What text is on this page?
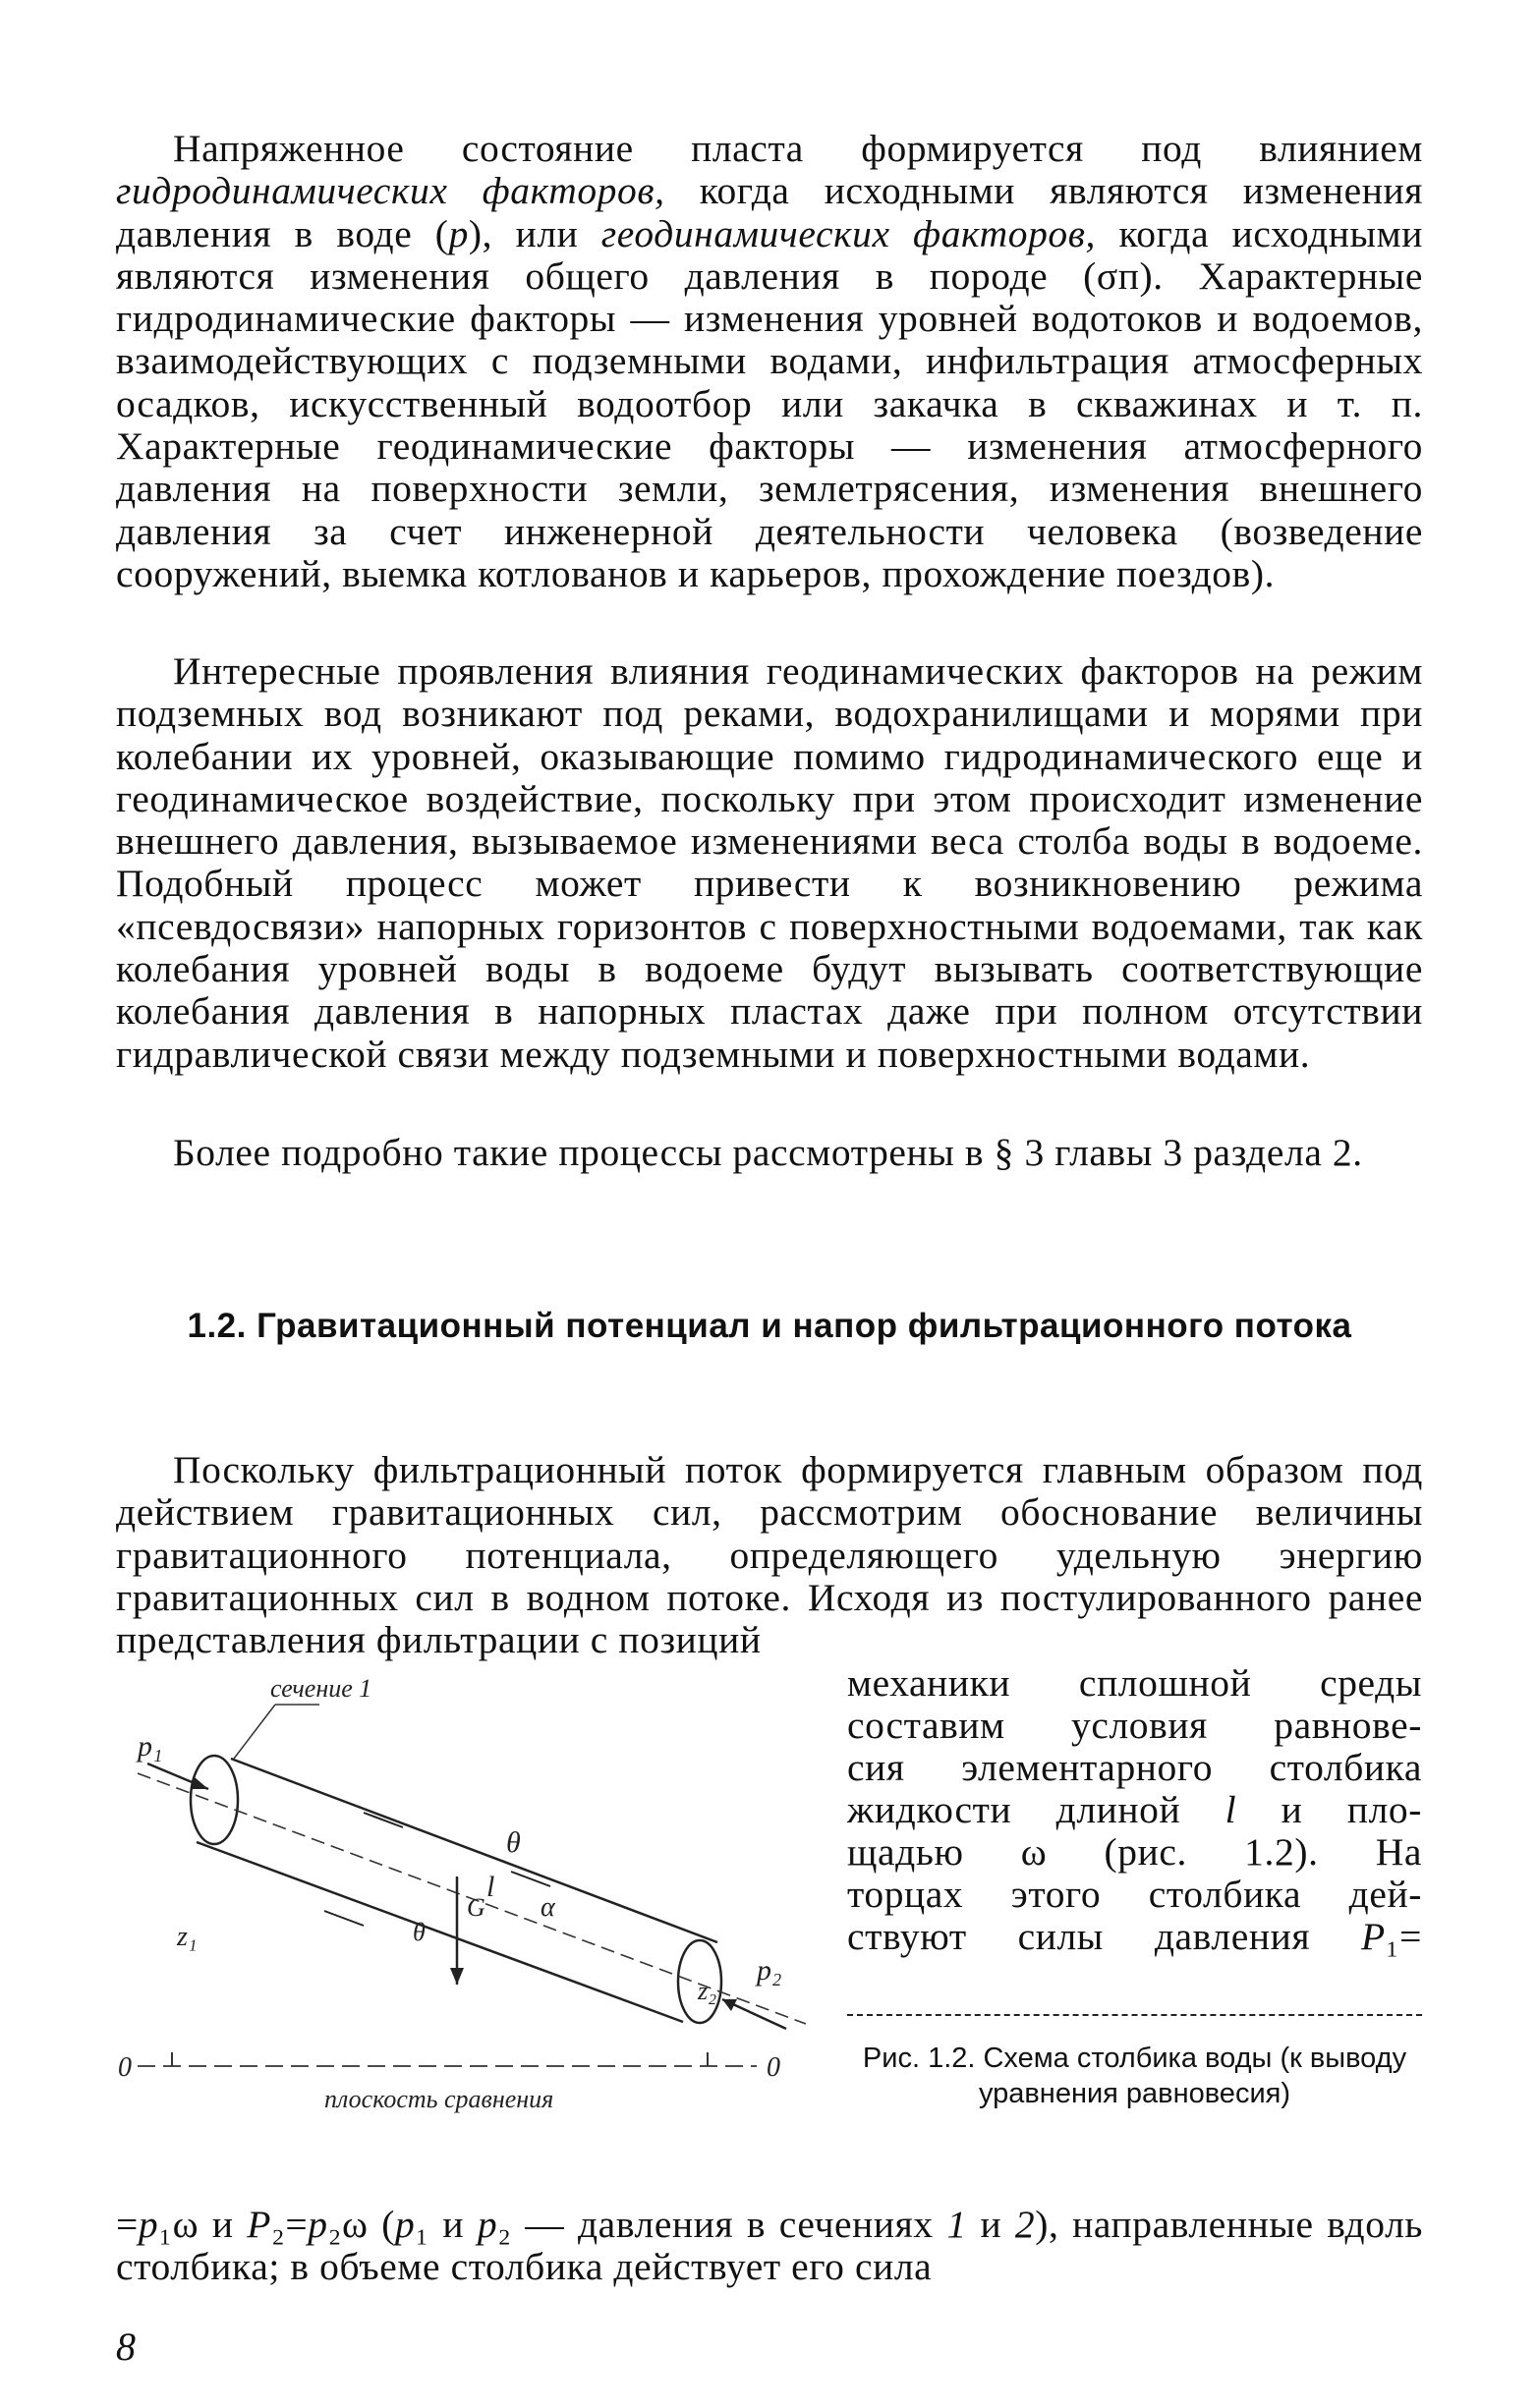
Напряженное состояние пласта формируется под влиянием гидродинамических факторов, когда исходными являются изменения давления в воде (p), или геодинамических факторов, когда исходными являются изменения общего давления в породе (σп). Характерные гидродинамические факторы — изменения уровней водотоков и водоемов, взаимодействующих с подземными водами, инфильтрация атмосферных осадков, искусственный водоотбор или закачка в скважинах и т. п. Характерные геодинамические факторы — изменения атмосферного давления на поверхности земли, землетрясения, изменения внешнего давления за счет инженерной деятельности человека (возведение сооружений, выемка котлованов и карьеров, прохождение поездов).

Интересные проявления влияния геодинамических факторов на режим подземных вод возникают под реками, водохранилищами и морями при колебании их уровней, оказывающие помимо гидродинамического еще и геодинамическое воздействие, поскольку при этом происходит изменение внешнего давления, вызываемое изменениями веса столба воды в водоеме. Подобный процесс может привести к возникновению режима «псевдосвязи» напорных горизонтов с поверхностными водоемами, так как колебания уровней воды в водоеме будут вызывать соответствующие колебания давления в напорных пластах даже при полном отсутствии гидравлической связи между подземными и поверхностными водами.

Более подробно такие процессы рассмотрены в § 3 главы 3 раздела 2.

1.2. Гравитационный потенциал и напор фильтрационного потока

Поскольку фильтрационный поток формируется главным образом под действием гравитационных сил, рассмотрим обоснование величины гравитационного потенциала, определяющего удельную энергию гравитационных сил в водном потоке. Исходя из постулированного ранее представления фильтрации с позиций

механики сплошной среды

составим условия равнове-

сия элементарного столбика

жидкости длиной l и пло-

щадью ω (рис. 1.2). На

торцах этого столбика дей-

ствуют силы давления P₁=

сечение 1
p₁
p₂
θ
θ
l
G α
z₁
z₂

Рис. 1.2. Схема столбика воды (к выводу уравнения равновесия)

0	0
плоскость сравнения

=p₁ω и P₂=p₂ω (p₁ и p₂ — давления в сечениях 1 и 2), направленные вдоль столбика; в объеме столбика действует его сила

8
